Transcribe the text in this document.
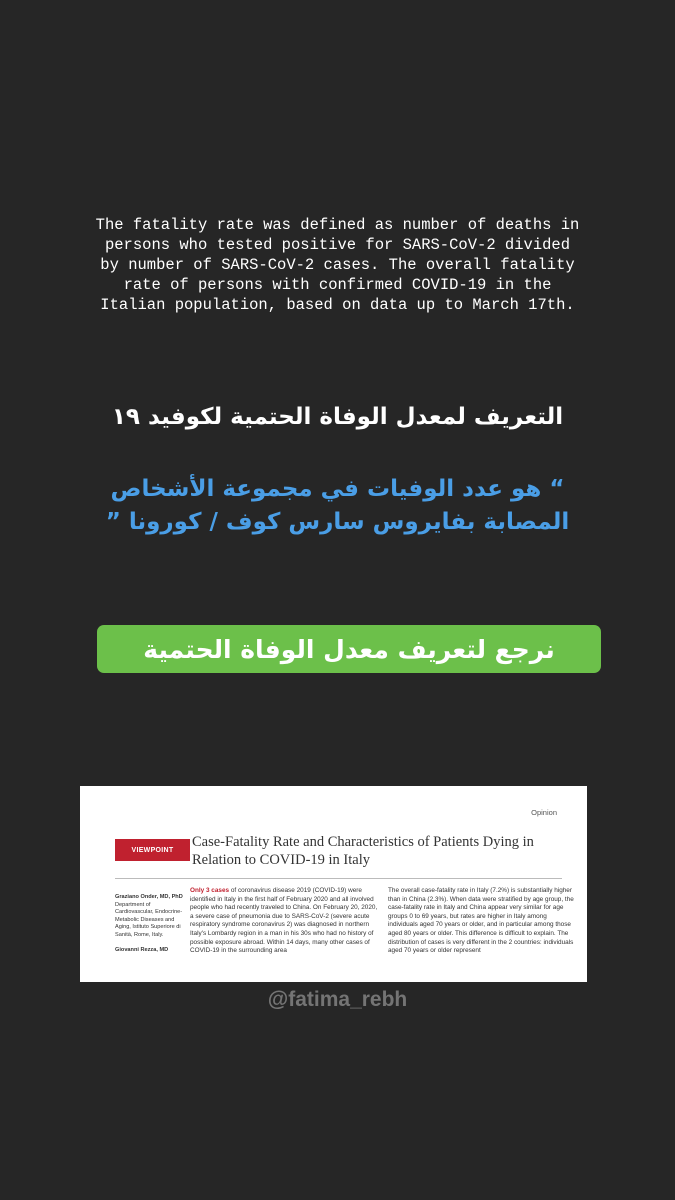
The fatality rate was defined as number of deaths in
persons who tested positive for SARS-CoV-2 divided
by number of SARS-CoV-2 cases. The overall fatality
rate of persons with confirmed COVID-19 in the
Italian population, based on data up to March 17th.
التعريف لمعدل الوفاة الحتمية لكوفيد ١٩
“ هو عدد الوفيات في مجموعة الأشخاص
المصابة بفايروس سارس كوف / كورونا ”
نرجع لتعريف معدل الوفاة الحتمية
Opinion
VIEWPOINT	Case-Fatality Rate and Characteristics of Patients Dying in Relation to COVID-19 in Italy
Graziano Onder, MD, PhD
Department of Cardiovascular, Endocrine-Metabolic Diseases and Aging, Istituto Superiore di Sanità, Rome, Italy.
Giovanni Rezza, MD
Only 3 cases of coronavirus disease 2019 (COVID-19) were identified in Italy in the first half of February 2020 and all involved people who had recently traveled to China. On February 20, 2020, a severe case of pneumonia due to SARS-CoV-2 (severe acute respiratory syndrome coronavirus 2) was diagnosed in northern Italy's Lombardy region in a man in his 30s who had no history of possible exposure abroad. Within 14 days, many other cases of COVID-19 in the surrounding area
The overall case-fatality rate in Italy (7.2%) is substantially higher than in China (2.3%). When data were stratified by age group, the case-fatality rate in Italy and China appear very similar for age groups 0 to 69 years, but rates are higher in Italy among individuals aged 70 years or older, and in particular among those aged 80 years or older. This difference is difficult to explain. The distribution of cases is very different in the 2 countries: individuals aged 70 years or older represent
@fatima_rebh
